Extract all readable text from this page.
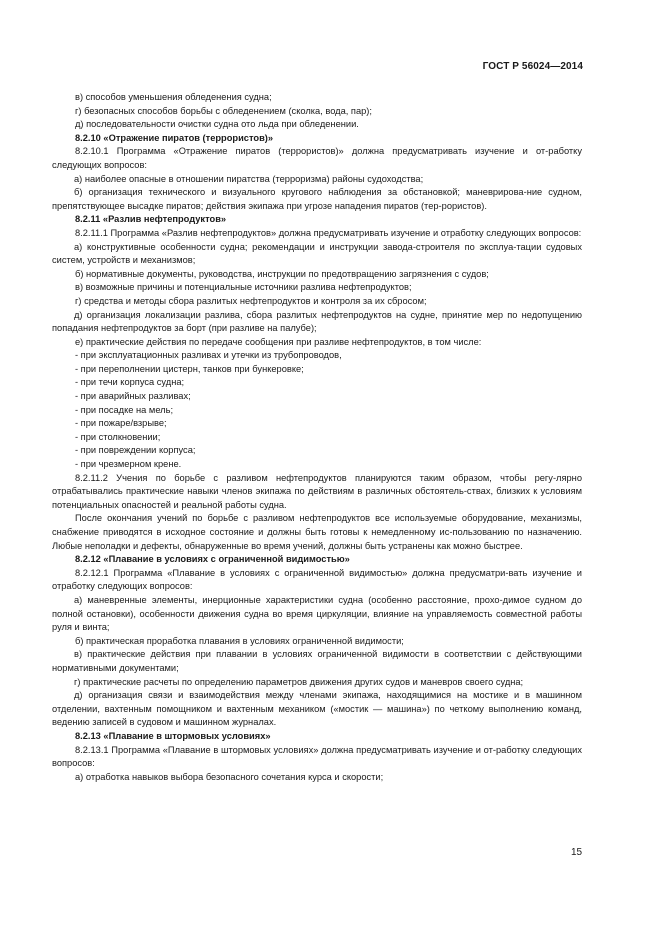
ГОСТ Р 56024—2014

в) способов уменьшения обледенения судна;

г) безопасных способов борьбы с обледенением (сколка, вода, пар);

д) последовательности очистки судна ото льда при обледенении.

8.2.10 «Отражение пиратов (террористов)»

8.2.10.1 Программа «Отражение пиратов (террористов)» должна предусматривать изучение и от-работку следующих вопросов:

а) наиболее опасные в отношении пиратства (терроризма) районы судоходства;

б) организация технического и визуального кругового наблюдения за обстановкой; маневрирова-ние судном, препятствующее высадке пиратов; действия экипажа при угрозе нападения пиратов (тер-рористов).

8.2.11 «Разлив нефтепродуктов»

8.2.11.1 Программа «Разлив нефтепродуктов» должна предусматривать изучение и отработку следующих вопросов:

а) конструктивные особенности судна; рекомендации и инструкции завода-строителя по эксплуа-тации судовых систем, устройств и механизмов;

б) нормативные документы, руководства, инструкции по предотвращению загрязнения с судов;

в) возможные причины и потенциальные источники разлива нефтепродуктов;

г) средства и методы сбора разлитых нефтепродуктов и контроля за их сбросом;

д) организация локализации разлива, сбора разлитых нефтепродуктов на судне, принятие мер по недопущению попадания нефтепродуктов за борт (при разливе на палубе);

е) практические действия по передаче сообщения при разливе нефтепродуктов, в том числе:

- при эксплуатационных разливах и утечки из трубопроводов,

- при переполнении цистерн, танков при бункеровке;

- при течи корпуса судна;

- при аварийных разливах;

- при посадке на мель;

- при пожаре/взрыве;

- при столкновении;

- при повреждении корпуса;

- при чрезмерном крене.

8.2.11.2 Учения по борьбе с разливом нефтепродуктов планируются таким образом, чтобы регу-лярно отрабатывались практические навыки членов экипажа по действиям в различных обстоятель-ствах, близких к условиям потенциальных опасностей и реальной работы судна.

После окончания учений по борьбе с разливом нефтепродуктов все используемые оборудование, механизмы, снабжение приводятся в исходное состояние и должны быть готовы к немедленному ис-пользованию по назначению. Любые неполадки и дефекты, обнаруженные во время учений, должны быть устранены как можно быстрее.

8.2.12 «Плавание в условиях с ограниченной видимостью»

8.2.12.1 Программа «Плавание в условиях с ограниченной видимостью» должна предусматри-вать изучение и отработку следующих вопросов:

а) маневренные элементы, инерционные характеристики судна (особенно расстояние, прохо-димое судном до полной остановки), особенности движения судна во время циркуляции, влияние на управляемость совместной работы руля и винта;

б) практическая проработка плавания в условиях ограниченной видимости;

в) практические действия при плавании в условиях ограниченной видимости в соответствии с действующими нормативными документами;

г) практические расчеты по определению параметров движения других судов и маневров своего судна;

д) организация связи и взаимодействия между членами экипажа, находящимися на мостике и в машинном отделении, вахтенным помощником и вахтенным механиком («мостик — машина») по четкому выполнению команд, ведению записей в судовом и машинном журналах.

8.2.13 «Плавание в штормовых условиях»

8.2.13.1 Программа «Плавание в штормовых условиях» должна предусматривать изучение и от-работку следующих вопросов:

а) отработка навыков выбора безопасного сочетания курса и скорости;

15
